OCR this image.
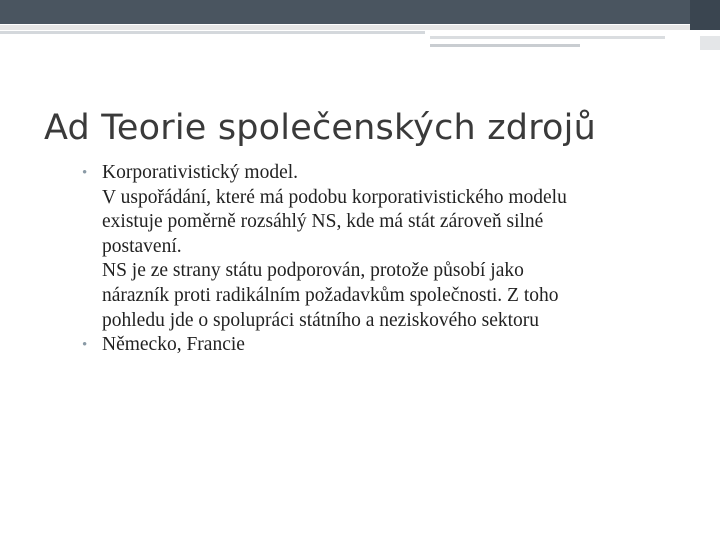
Ad Teorie společenských zdrojů
• Korporativistický model.
V uspořádání, které má podobu korporativistického modelu
existuje poměrně rozsáhlý NS, kde má stát zároveň silné
postavení.
NS je ze strany státu podporován, protože působí jako
nárazník proti radikálním požadavkům společnosti. Z toho
pohledu jde o spolupráci státního a neziskového sektoru
• Německo, Francie
